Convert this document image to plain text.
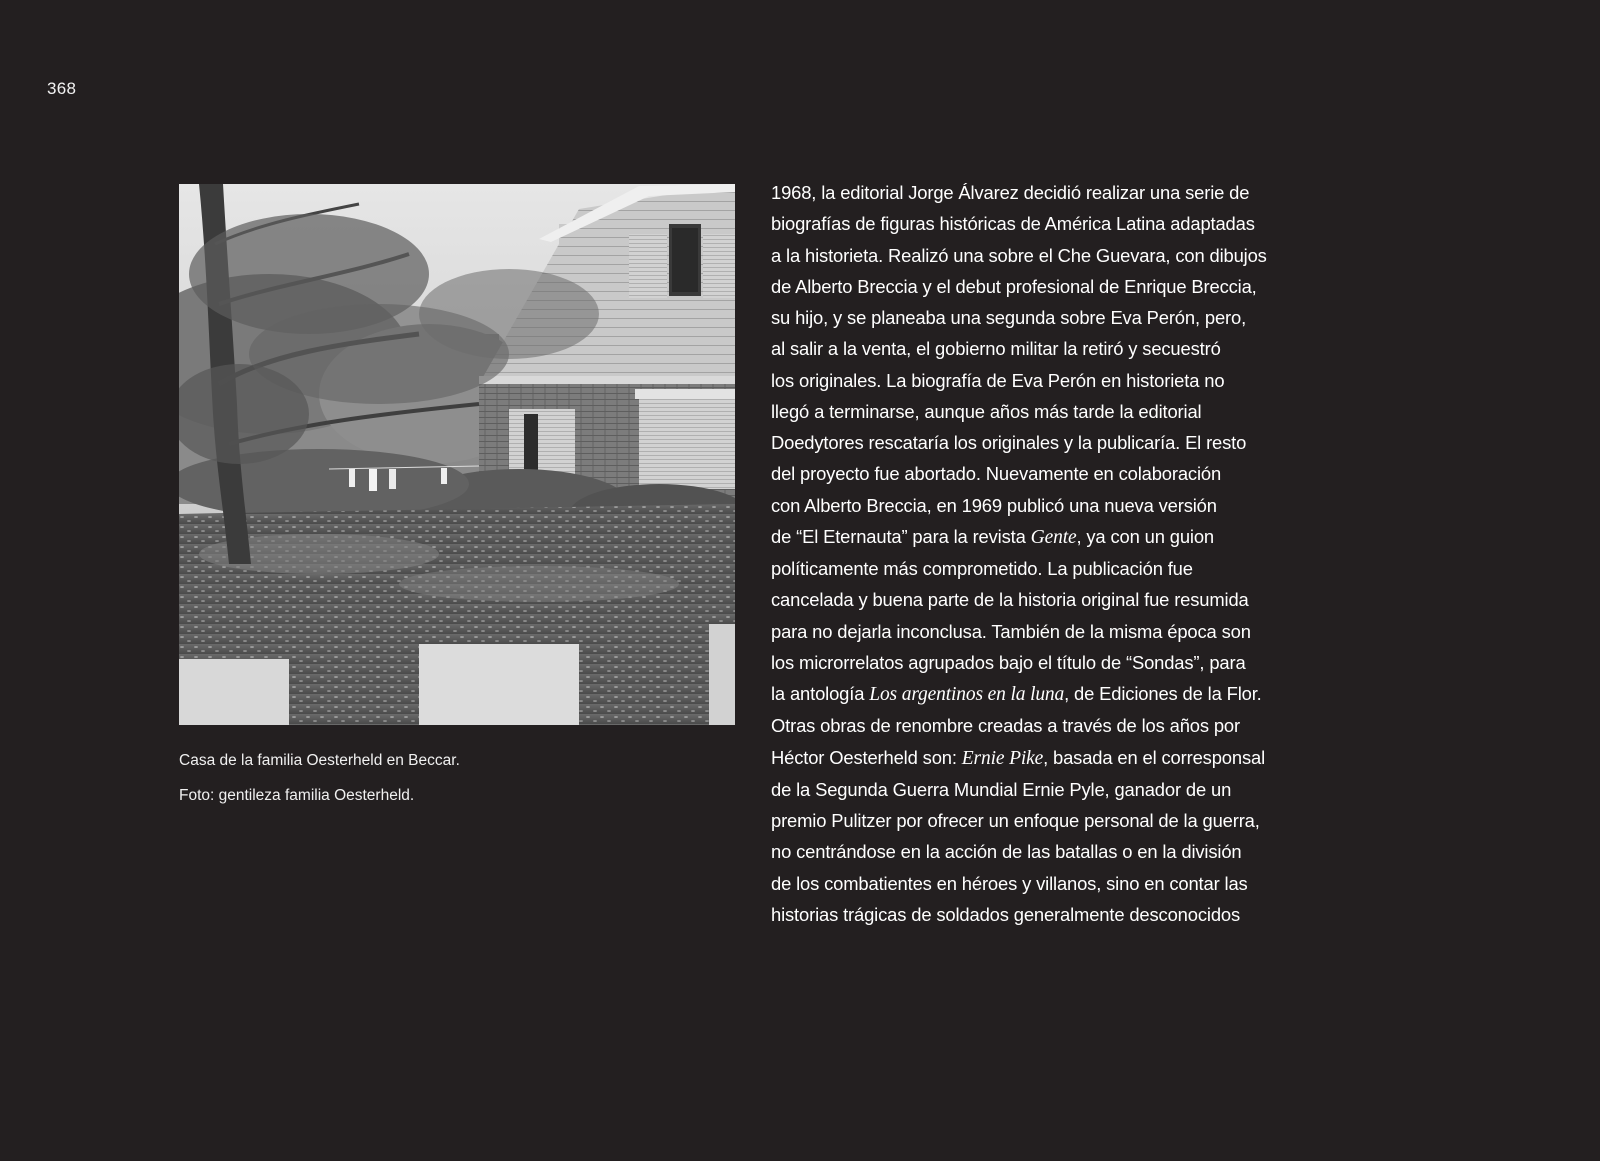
368
Casa de la familia Oesterheld en Beccar.
Foto: gentileza familia Oesterheld.
1968, la editorial Jorge Álvarez decidió realizar una serie de
biografías de figuras históricas de América Latina adaptadas
a la historieta. Realizó una sobre el Che Guevara, con dibujos
de Alberto Breccia y el debut profesional de Enrique Breccia,
su hijo, y se planeaba una segunda sobre Eva Perón, pero,
al salir a la venta, el gobierno militar la retiró y secuestró
los originales. La biografía de Eva Perón en historieta no
llegó a terminarse, aunque años más tarde la editorial
Doedytores rescataría los originales y la publicaría. El resto
del proyecto fue abortado. Nuevamente en colaboración
con Alberto Breccia, en 1969 publicó una nueva versión
de “El Eternauta” para la revista Gente, ya con un guion
políticamente más comprometido. La publicación fue
cancelada y buena parte de la historia original fue resumida
para no dejarla inconclusa. También de la misma época son
los microrrelatos agrupados bajo el título de “Sondas”, para
la antología Los argentinos en la luna, de Ediciones de la Flor.
Otras obras de renombre creadas a través de los años por
Héctor Oesterheld son: Ernie Pike, basada en el corresponsal
de la Segunda Guerra Mundial Ernie Pyle, ganador de un
premio Pulitzer por ofrecer un enfoque personal de la guerra,
no centrándose en la acción de las batallas o en la división
de los combatientes en héroes y villanos, sino en contar las
historias trágicas de soldados generalmente desconocidos
